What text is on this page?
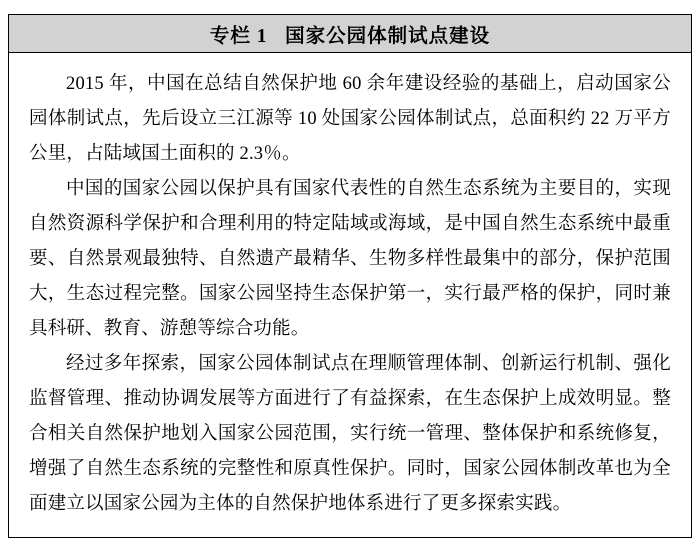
专栏 1   国家公园体制试点建设

2015 年，中国在总结自然保护地 60 余年建设经验的基础上，启动国家公园体制试点，先后设立三江源等 10 处国家公园体制试点，总面积约 22 万平方公里，占陆域国土面积的 2.3％。

中国的国家公园以保护具有国家代表性的自然生态系统为主要目的，实现自然资源科学保护和合理利用的特定陆域或海域，是中国自然生态系统中最重要、自然景观最独特、自然遗产最精华、生物多样性最集中的部分，保护范围大，生态过程完整。国家公园坚持生态保护第一，实行最严格的保护，同时兼具科研、教育、游憩等综合功能。

经过多年探索，国家公园体制试点在理顺管理体制、创新运行机制、强化监督管理、推动协调发展等方面进行了有益探索，在生态保护上成效明显。整合相关自然保护地划入国家公园范围，实行统一管理、整体保护和系统修复，增强了自然生态系统的完整性和原真性保护。同时，国家公园体制改革也为全面建立以国家公园为主体的自然保护地体系进行了更多探索实践。
